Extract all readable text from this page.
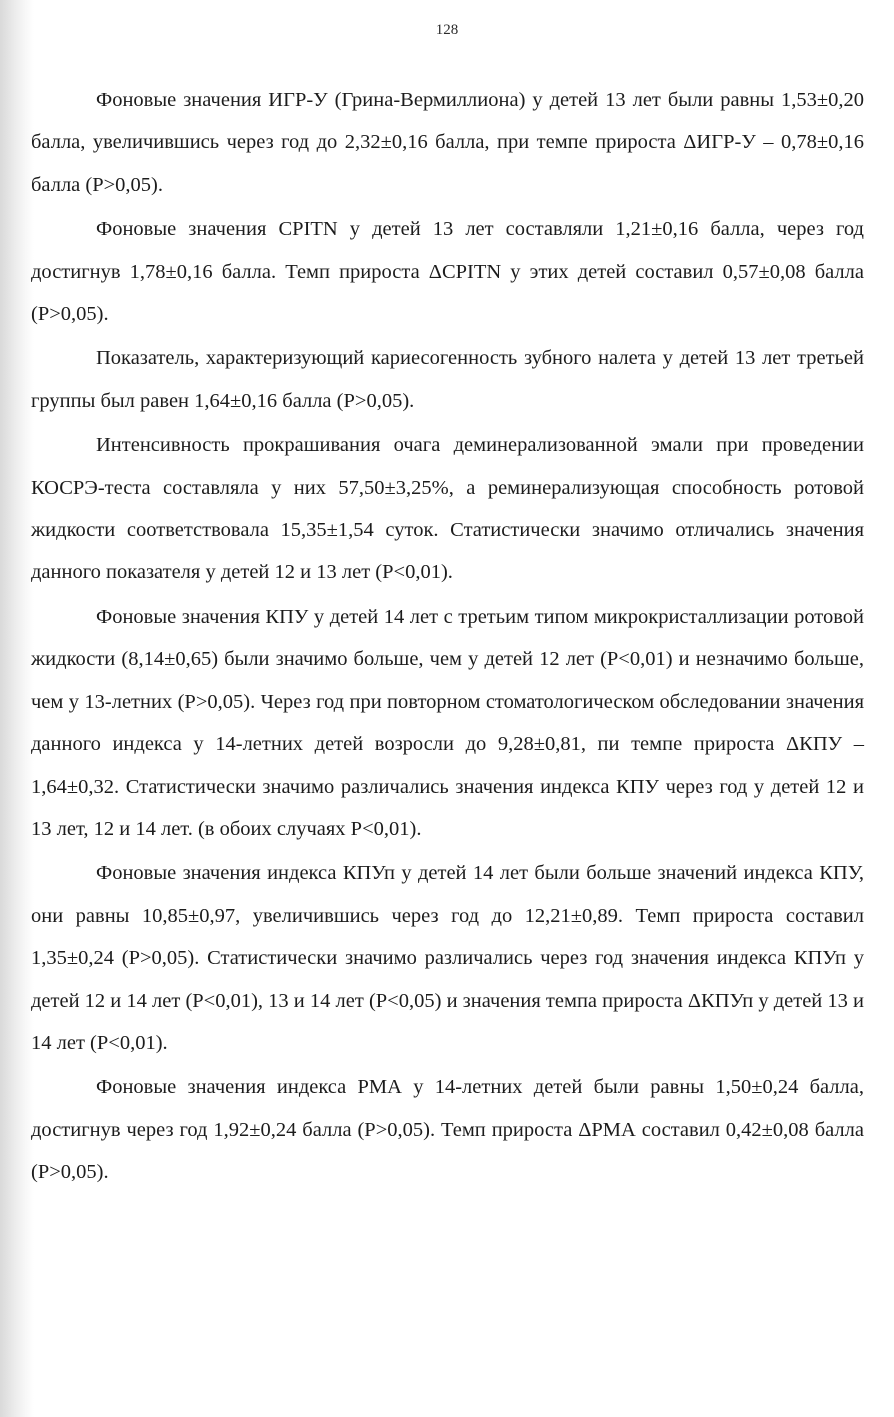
128

Фоновые значения ИГР-У (Грина-Вермиллиона) у детей 13 лет были равны 1,53±0,20 балла, увеличившись через год до 2,32±0,16 балла, при темпе прироста ΔИГР-У – 0,78±0,16 балла (Р>0,05).

Фоновые значения CPITN у детей 13 лет составляли 1,21±0,16 балла, через год достигнув 1,78±0,16 балла. Темп прироста ΔCPITN у этих детей составил 0,57±0,08 балла (Р>0,05).

Показатель, характеризующий кариесогенность зубного налета у детей 13 лет третьей группы был равен 1,64±0,16 балла (Р>0,05).

Интенсивность прокрашивания очага деминерализованной эмали при проведении КОСРЭ-теста составляла у них 57,50±3,25%, а реминерализующая способность ротовой жидкости соответствовала 15,35±1,54 суток. Статистически значимо отличались значения данного показателя у детей 12 и 13 лет (Р<0,01).

Фоновые значения КПУ у детей 14 лет с третьим типом микрокристаллизации ротовой жидкости (8,14±0,65) были значимо больше, чем у детей 12 лет (Р<0,01) и незначимо больше, чем у 13-летних (Р>0,05). Через год при повторном стоматологическом обследовании значения данного индекса у 14-летних детей возросли до 9,28±0,81, пи темпе прироста ΔКПУ – 1,64±0,32. Статистически значимо различались значения индекса КПУ через год у детей 12 и 13 лет, 12 и 14 лет. (в обоих случаях Р<0,01).

Фоновые значения индекса КПУп у детей 14 лет были больше значений индекса КПУ, они равны 10,85±0,97, увеличившись через год до 12,21±0,89. Темп прироста составил 1,35±0,24 (Р>0,05). Статистически значимо различались через год значения индекса КПУп у детей 12 и 14 лет (Р<0,01), 13 и 14 лет (Р<0,05) и значения темпа прироста ΔКПУп у детей 13 и 14 лет (Р<0,01).

Фоновые значения индекса РМА у 14-летних детей были равны 1,50±0,24 балла, достигнув через год 1,92±0,24 балла (Р>0,05). Темп прироста ΔРМА составил 0,42±0,08 балла (Р>0,05).
